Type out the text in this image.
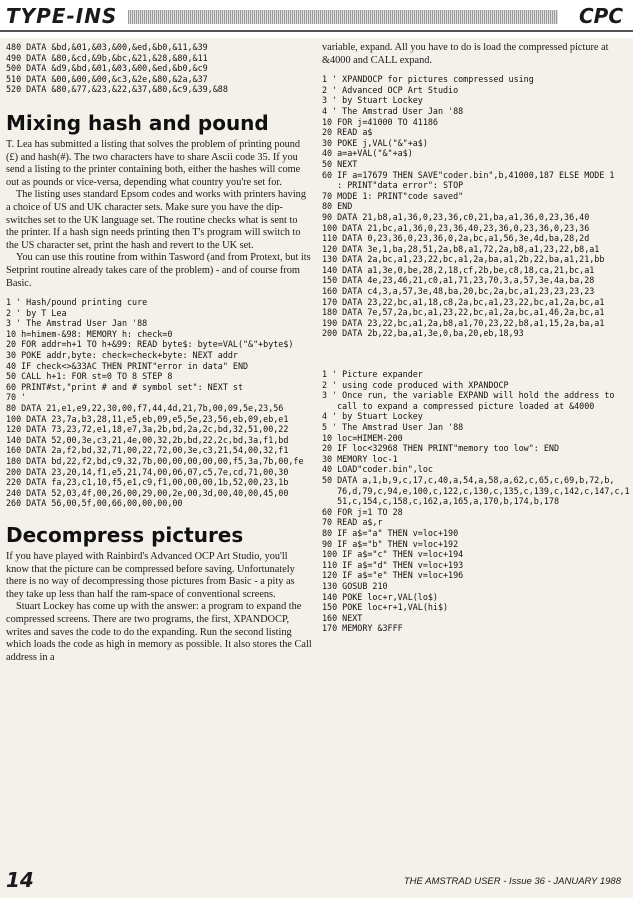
TYPE-INS	CPC
480 DATA &bd,&01,&03,&00,&ed,&b0,&11,&39
490 DATA &80,&cd,&9b,&bc,&21,&28,&80,&11
500 DATA &d9,&bd,&01,&03,&00,&ed,&b0,&c9
510 DATA &00,&00,&00,&c3,&2e,&80,&2a,&37
520 DATA &80,&77,&23,&22,&37,&80,&c9,&39,&88
Mixing hash and pound

T. Lea has submitted a listing that solves the problem of printing pound (£) and hash(#). The two characters have to share Ascii code 35. If you send a listing to the printer containing both, either the hashes will come out as pounds or vice-versa, depending what country you're set for.

The listing uses standard Epsom codes and works with printers having a choice of US and UK character sets. Make sure you have the dip-switches set to the UK language set. The routine checks what is sent to the printer. If a hash sign needs printing then T's program will switch to the US character set, print the hash and revert to the UK set.

You can use this routine from within Tasword (and from Protext, but its Setprint routine already takes care of the problem) - and of course from Basic.

1 ' Hash/pound printing cure
2 ' by T Lea
3 ' The Amstrad User Jan '88
10 h=himem-&98: MEMORY h: check=0
20 FOR addr=h+1 TO h+&99: READ byte$: byte=VAL("&"+byte$)
30 POKE addr,byte: check=check+byte: NEXT addr
40 IF check<>&33AC THEN PRINT"error in data" END
50 CALL h+1: FOR st=0 TO 8 STEP 8
60 PRINT#st,"print # and # symbol set": NEXT st
70 '
80 DATA 21,e1,e9,22,30,00,f7,44,4d,21,7b,00,09,5e,23,56
100 DATA 23,7a,b3,28,11,e5,eb,09,e5,5e,23,56,eb,09,eb,e1
120 DATA 73,23,72,e1,18,e7,3a,2b,bd,2a,2c,bd,32,51,00,22
140 DATA 52,00,3e,c3,21,4e,00,32,2b,bd,22,2c,bd,3a,f1,bd
160 DATA 2a,f2,bd,32,71,00,22,72,00,3e,c3,21,54,00,32,f1
180 DATA bd,22,f2,bd,c9,32,7b,00,00,00,00,00,f5,3a,7b,00,fe
200 DATA 23,20,14,f1,e5,21,74,00,06,07,c5,7e,cd,71,00,30
220 DATA fa,23,c1,10,f5,e1,c9,f1,00,00,00,1b,52,00,23,1b
240 DATA 52,03,4f,00,26,00,29,00,2e,00,3d,00,40,00,45,00
260 DATA 56,00,5f,00,66,00,00,00,00
Decompress pictures

If you have played with Rainbird's Advanced OCP Art Studio, you'll know that the picture can be compressed before saving. Unfortunately there is no way of decompressing those pictures from Basic - a pity as they take up less than half the ram-space of conventional screens.

Stuart Lockey has come up with the answer: a program to expand the compressed screens. There are two programs, the first, XPANDOCP, writes and saves the code to do the expanding. Run the second listing which loads the code as high in memory as possible. It also stores the Call address in a

variable, expand. All you have to do is load the compressed picture at &4000 and CALL expand.

1 ' XPANDOCP for pictures compressed using
2 ' Advanced OCP Art Studio
3 ' by Stuart Lockey
4 ' The Amstrad User Jan '88
10 FOR j=41000 TO 41186
20 READ a$
30 POKE j,VAL("&"+a$)
40 a=a+VAL("&"+a$)
50 NEXT
60 IF a=17679 THEN SAVE"coder.bin",b,41000,187 ELSE MODE 1
: PRINT"data error": STOP
70 MODE 1: PRINT"code saved"
80 END
90 DATA 21,b8,a1,36,0,23,36,c0,21,ba,a1,36,0,23,36,40
100 DATA 21,bc,a1,36,0,23,36,40,23,36,0,23,36,0,23,36
110 DATA 0,23,36,0,23,36,0,2a,bc,a1,56,3e,4d,ba,28,2d
120 DATA 3e,1,ba,28,51,2a,b8,a1,72,2a,b8,a1,23,22,b8,a1
130 DATA 2a,bc,a1,23,22,bc,a1,2a,ba,a1,2b,22,ba,a1,21,bb
140 DATA a1,3e,0,be,28,2,18,cf,2b,be,c8,18,ca,21,bc,a1
150 DATA 4e,23,46,21,c0,a1,71,23,70,3,a,57,3e,4a,ba,28
160 DATA c4,3,a,57,3e,48,ba,20,bc,2a,bc,a1,23,23,23,23
170 DATA 23,22,bc,a1,18,c8,2a,bc,a1,23,22,bc,a1,2a,bc,a1
180 DATA 7e,57,2a,bc,a1,23,22,bc,a1,2a,bc,a1,46,2a,bc,a1
190 DATA 23,22,bc,a1,2a,b8,a1,70,23,22,b8,a1,15,2a,ba,a1
200 DATA 2b,22,ba,a1,3e,0,ba,20,eb,18,93
1 ' Picture expander
2 ' using code produced with XPANDOCP
3 ' Once run, the variable EXPAND will hold the address to
call to expand a compressed picture loaded at &4000
4 ' by Stuart Lockey
5 ' The Amstrad User Jan '88
10 loc=HIMEM-200
20 IF loc<32968 THEN PRINT"memory too low": END
30 MEMORY loc-1
40 LOAD"coder.bin",loc
50 DATA a,1,b,9,c,17,c,40,a,54,a,58,a,62,c,65,c,69,b,72,b,
76,d,79,c,94,e,100,c,122,c,130,c,135,c,139,c,142,c,147,c,1
51,c,154,c,158,c,162,a,165,a,170,b,174,b,178
60 FOR j=1 TO 28
70 READ a$,r
80 IF a$="a" THEN v=loc+190
90 IF a$="b" THEN v=loc+192
100 IF a$="c" THEN v=loc+194
110 IF a$="d" THEN v=loc+193
120 IF a$="e" THEN v=loc+196
130 GOSUB 210
140 POKE loc+r,VAL(lo$)
150 POKE loc+r+1,VAL(hi$)
160 NEXT
170 MEMORY &3FFF
14	THE AMSTRAD USER - Issue 36 - JANUARY 1988
